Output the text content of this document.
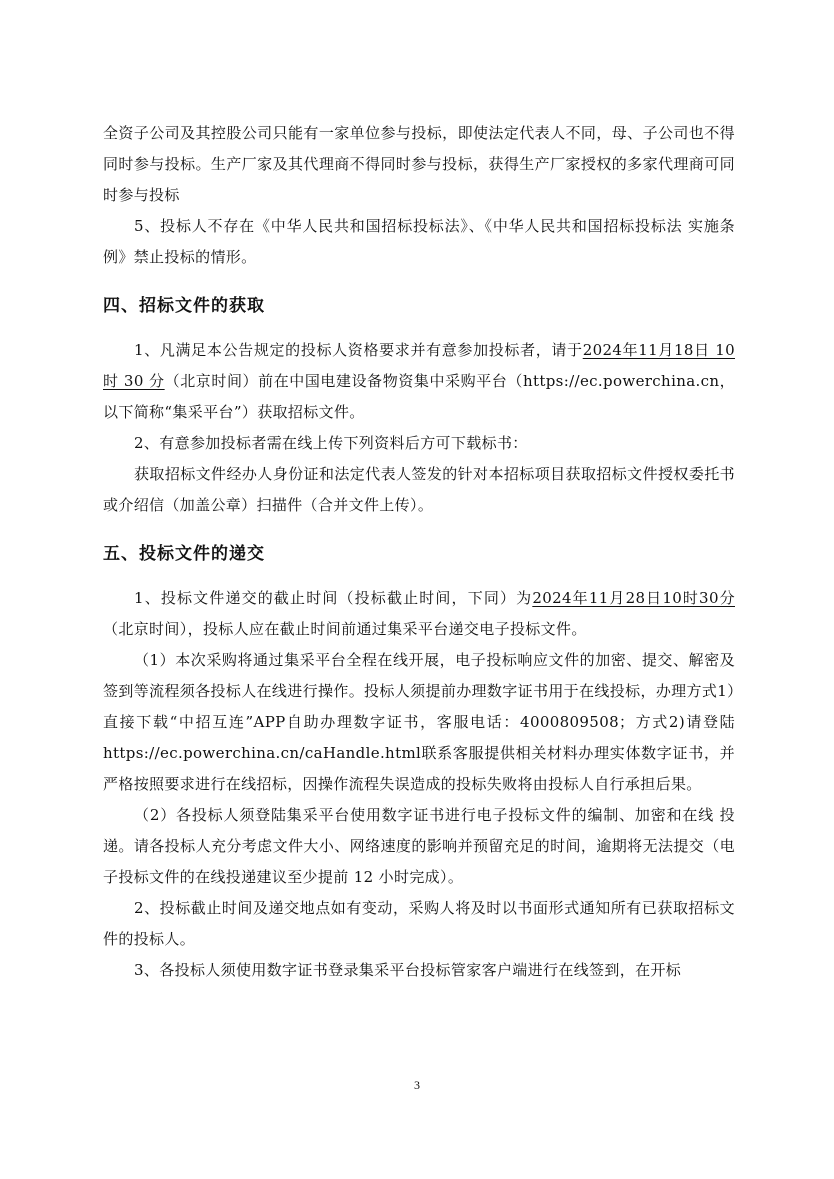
全资子公司及其控股公司只能有一家单位参与投标，即使法定代表人不同，母、子公司也不得同时参与投标。生产厂家及其代理商不得同时参与投标，获得生产厂家授权的多家代理商可同时参与投标

5、投标人不存在《中华人民共和国招标投标法》、《中华人民共和国招标投标法 实施条例》禁止投标的情形。

四、招标文件的获取

1、凡满足本公告规定的投标人资格要求并有意参加投标者，请于2024年11月18日 10 时 30 分（北京时间）前在中国电建设备物资集中采购平台（https://ec.powerchina.cn，以下简称“集采平台”）获取招标文件。

2、有意参加投标者需在线上传下列资料后方可下载标书：

获取招标文件经办人身份证和法定代表人签发的针对本招标项目获取招标文件授权委托书或介绍信（加盖公章）扫描件（合并文件上传）。

五、投标文件的递交

1、投标文件递交的截止时间（投标截止时间，下同）为2024年11月28日10时30分（北京时间），投标人应在截止时间前通过集采平台递交电子投标文件。

（1）本次采购将通过集采平台全程在线开展，电子投标响应文件的加密、提交、解密及签到等流程须各投标人在线进行操作。投标人须提前办理数字证书用于在线投标，办理方式1）直接下载“中招互连”APP自助办理数字证书，客服电话：4000809508；方式2)请登陆https://ec.powerchina.cn/caHandle.html联系客服提供相关材料办理实体数字证书，并严格按照要求进行在线招标，因操作流程失误造成的投标失败将由投标人自行承担后果。

（2）各投标人须登陆集采平台使用数字证书进行电子投标文件的编制、加密和在线 投递。请各投标人充分考虑文件大小、网络速度的影响并预留充足的时间，逾期将无法提交（电子投标文件的在线投递建议至少提前 12 小时完成）。

2、投标截止时间及递交地点如有变动，采购人将及时以书面形式通知所有已获取招标文件的投标人。

3、各投标人须使用数字证书登录集采平台投标管家客户端进行在线签到，在开标

3
